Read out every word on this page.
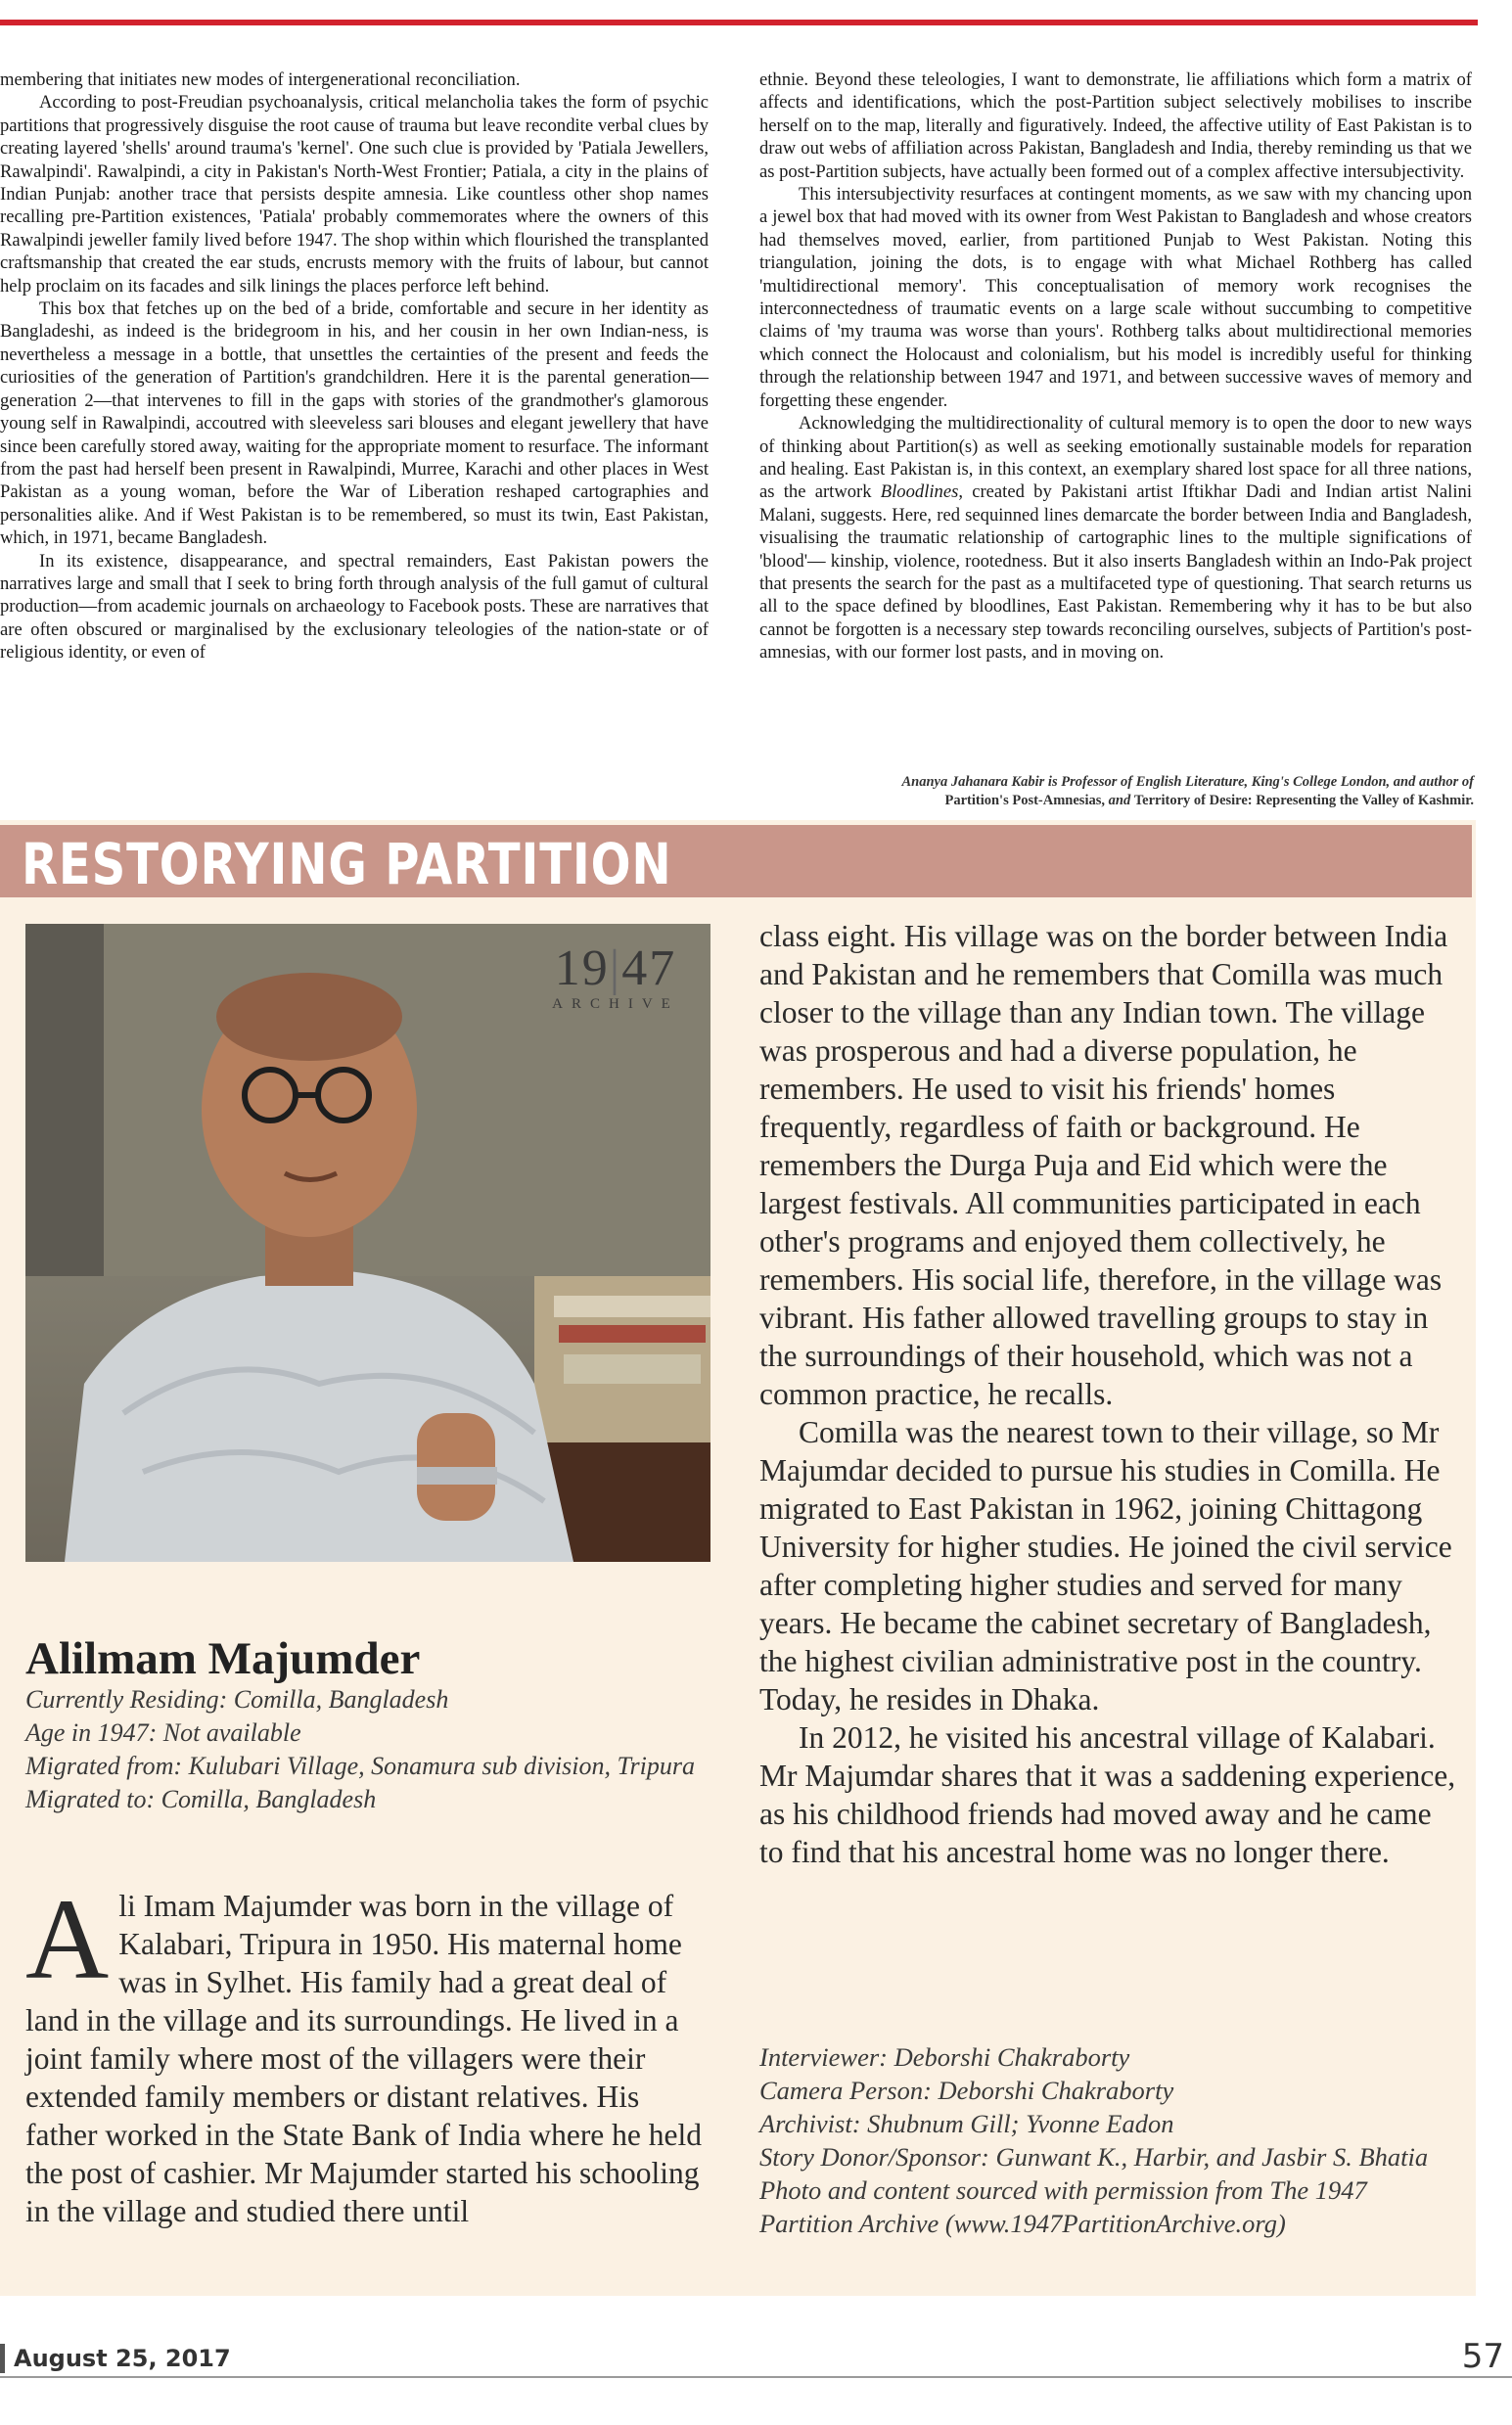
membering that initiates new modes of intergenerational reconciliation.

According to post-Freudian psychoanalysis, critical melancholia takes the form of psychic partitions that progressively disguise the root cause of trauma but leave recondite verbal clues by creating layered 'shells' around trauma's 'kernel'. One such clue is provided by 'Patiala Jewellers, Rawalpindi'. Rawalpindi, a city in Pakistan's North-West Frontier; Patiala, a city in the plains of Indian Punjab: another trace that persists despite amnesia. Like countless other shop names recalling pre-Partition existences, 'Patiala' probably commemorates where the owners of this Rawalpindi jeweller family lived before 1947. The shop within which flourished the transplanted craftsmanship that created the ear studs, encrusts memory with the fruits of labour, but cannot help proclaim on its facades and silk linings the places perforce left behind.

This box that fetches up on the bed of a bride, comfortable and secure in her identity as Bangladeshi, as indeed is the bridegroom in his, and her cousin in her own Indian-ness, is nevertheless a message in a bottle, that unsettles the certainties of the present and feeds the curiosities of the generation of Partition's grandchildren. Here it is the parental generation—generation 2—that intervenes to fill in the gaps with stories of the grandmother's glamorous young self in Rawalpindi, accoutred with sleeveless sari blouses and elegant jewellery that have since been carefully stored away, waiting for the appropriate moment to resurface. The informant from the past had herself been present in Rawalpindi, Murree, Karachi and other places in West Pakistan as a young woman, before the War of Liberation reshaped cartographies and personalities alike. And if West Pakistan is to be remembered, so must its twin, East Pakistan, which, in 1971, became Bangladesh.

In its existence, disappearance, and spectral remainders, East Pakistan powers the narratives large and small that I seek to bring forth through analysis of the full gamut of cultural production—from academic journals on archaeology to Facebook posts. These are narratives that are often obscured or marginalised by the exclusionary teleologies of the nation-state or of religious identity, or even of

ethnie. Beyond these teleologies, I want to demonstrate, lie affiliations which form a matrix of affects and identifications, which the post-Partition subject selectively mobilises to inscribe herself on to the map, literally and figuratively. Indeed, the affective utility of East Pakistan is to draw out webs of affiliation across Pakistan, Bangladesh and India, thereby reminding us that we as post-Partition subjects, have actually been formed out of a complex affective intersubjectivity.

This intersubjectivity resurfaces at contingent moments, as we saw with my chancing upon a jewel box that had moved with its owner from West Pakistan to Bangladesh and whose creators had themselves moved, earlier, from partitioned Punjab to West Pakistan. Noting this triangulation, joining the dots, is to engage with what Michael Rothberg has called 'multidirectional memory'. This conceptualisation of memory work recognises the interconnectedness of traumatic events on a large scale without succumbing to competitive claims of 'my trauma was worse than yours'. Rothberg talks about multidirectional memories which connect the Holocaust and colonialism, but his model is incredibly useful for thinking through the relationship between 1947 and 1971, and between successive waves of memory and forgetting these engender.

Acknowledging the multidirectionality of cultural memory is to open the door to new ways of thinking about Partition(s) as well as seeking emotionally sustainable models for reparation and healing. East Pakistan is, in this context, an exemplary shared lost space for all three nations, as the artwork Bloodlines, created by Pakistani artist Iftikhar Dadi and Indian artist Nalini Malani, suggests. Here, red sequinned lines demarcate the border between India and Bangladesh, visualising the traumatic relationship of cartographic lines to the multiple significations of 'blood'— kinship, violence, rootedness. But it also inserts Bangladesh within an Indo-Pak project that presents the search for the past as a multifaceted type of questioning. That search returns us all to the space defined by bloodlines, East Pakistan. Remembering why it has to be but also cannot be forgotten is a necessary step towards reconciling ourselves, subjects of Partition's post-amnesias, with our former lost pasts, and in moving on.

Ananya Jahanara Kabir is Professor of English Literature, King's College London, and author of
Partition's Post-Amnesias, and Territory of Desire: Representing the Valley of Kashmir.
RESTORYING PARTITION
19|47
ARCHIVE
Alilmam Majumder
Currently Residing: Comilla, Bangladesh
Age in 1947: Not available
Migrated from: Kulubari Village, Sonamura sub division, Tripura
Migrated to: Comilla, Bangladesh

Ali Imam Majumder was born in the village of Kalabari, Tripura in 1950. His maternal home was in Sylhet. His family had a great deal of land in the village and its surroundings. He lived in a joint family where most of the villagers were their extended family members or distant relatives. His father worked in the State Bank of India where he held the post of cashier. Mr Majumder started his schooling in the village and studied there until

class eight. His village was on the border between India and Pakistan and he remembers that Comilla was much closer to the village than any Indian town. The village was prosperous and had a diverse population, he remembers. He used to visit his friends' homes frequently, regardless of faith or background. He remembers the Durga Puja and Eid which were the largest festivals. All communities participated in each other's programs and enjoyed them collectively, he remembers. His social life, therefore, in the village was vibrant. His father allowed travelling groups to stay in the surroundings of their household, which was not a common practice, he recalls.

Comilla was the nearest town to their village, so Mr Majumdar decided to pursue his studies in Comilla. He migrated to East Pakistan in 1962, joining Chittagong University for higher studies. He joined the civil service after completing higher studies and served for many years. He became the cabinet secretary of Bangladesh, the highest civilian administrative post in the country. Today, he resides in Dhaka.

In 2012, he visited his ancestral village of Kalabari. Mr Majumdar shares that it was a saddening experience, as his childhood friends had moved away and he came to find that his ancestral home was no longer there.

Interviewer: Deborshi Chakraborty
Camera Person: Deborshi Chakraborty
Archivist: Shubnum Gill; Yvonne Eadon
Story Donor/Sponsor: Gunwant K., Harbir, and Jasbir S. Bhatia
Photo and content sourced with permission from The 1947 Partition Archive (www.1947PartitionArchive.org)
August 25, 2017	57
